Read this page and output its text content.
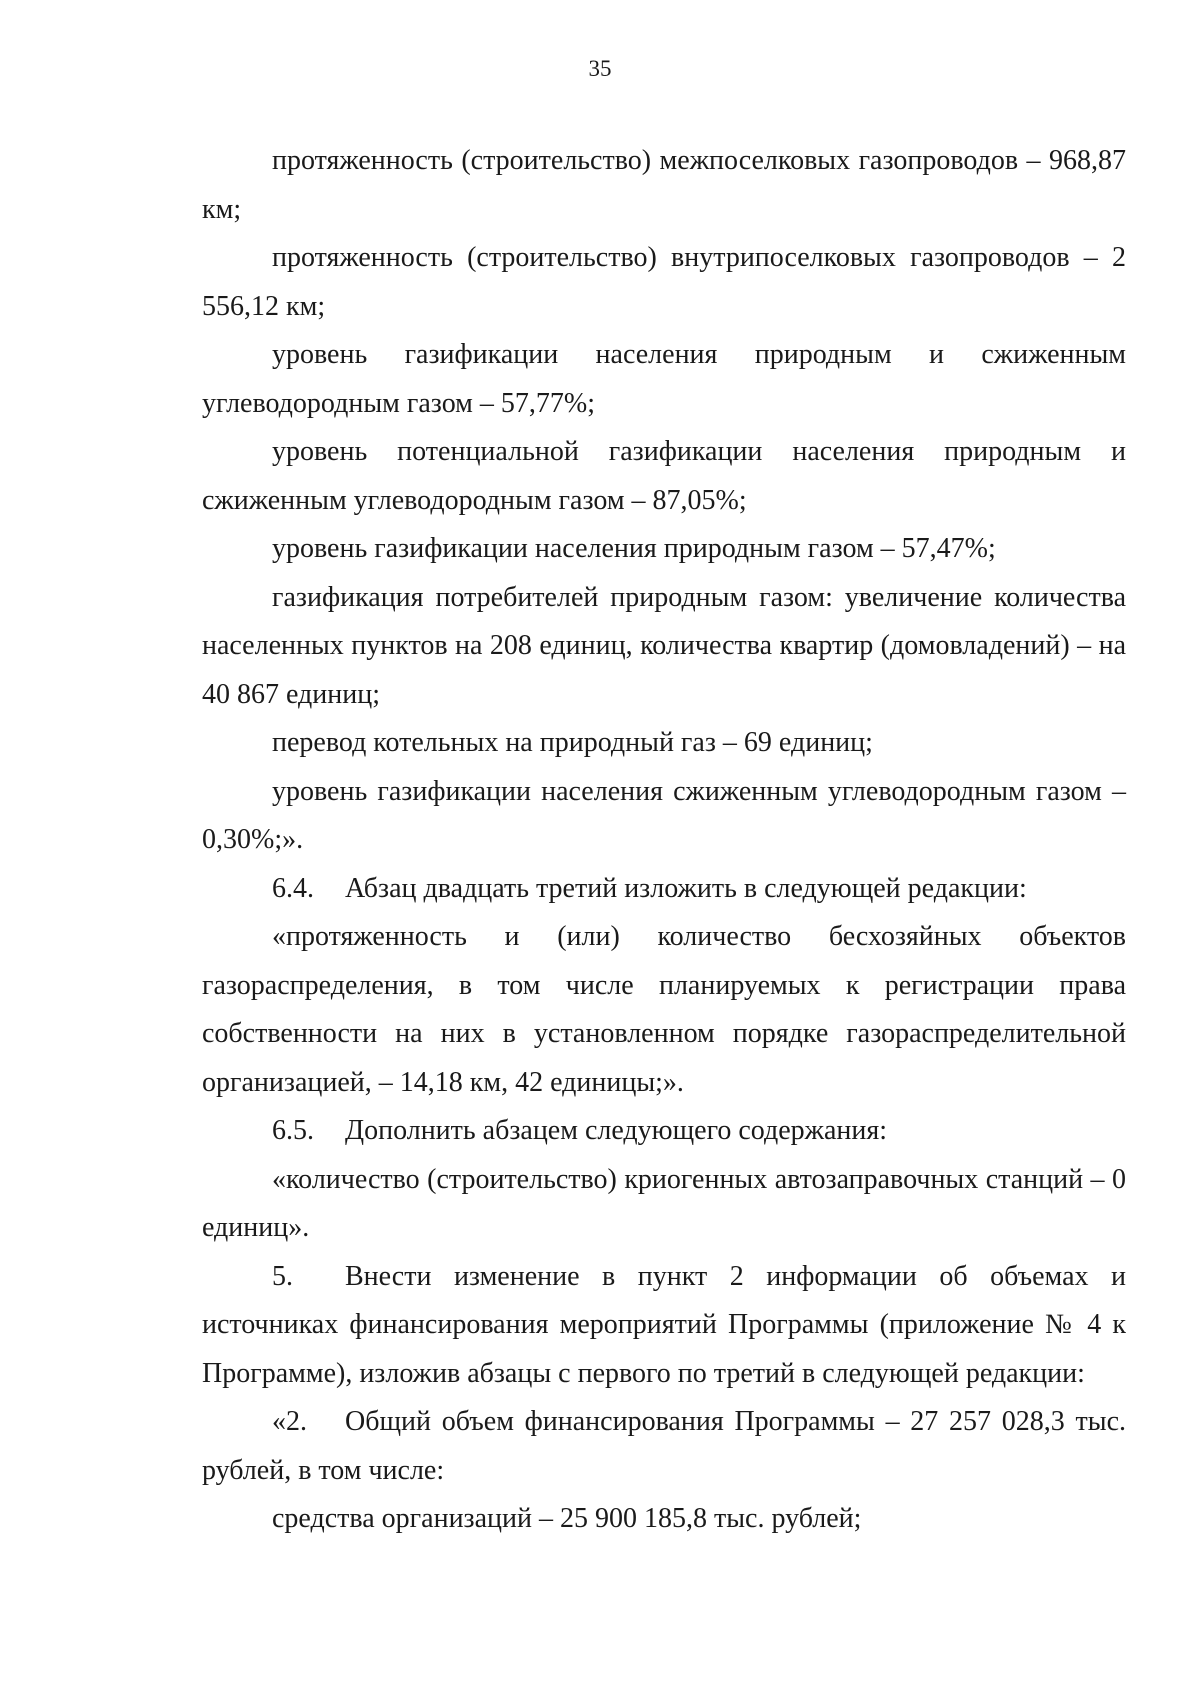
35

протяженность (строительство) межпоселковых газопроводов – 968,87 км;

протяженность (строительство) внутрипоселковых газопроводов – 2 556,12 км;

уровень газификации населения природным и сжиженным углеводородным газом – 57,77%;

уровень потенциальной газификации населения природным и сжиженным углеводородным газом – 87,05%;

уровень газификации населения природным газом – 57,47%;

газификация потребителей природным газом: увеличение количества населенных пунктов на 208 единиц, количества квартир (домовладений) – на 40 867 единиц;

перевод котельных на природный газ – 69 единиц;

уровень газификации населения сжиженным углеводородным газом – 0,30%;».

6.4. Абзац двадцать третий изложить в следующей редакции:

«протяженность и (или) количество бесхозяйных объектов газораспределения, в том числе планируемых к регистрации права собственности на них в установленном порядке газораспределительной организацией, – 14,18 км, 42 единицы;».

6.5. Дополнить абзацем следующего содержания:

«количество (строительство) криогенных автозаправочных станций – 0 единиц».

5. Внести изменение в пункт 2 информации об объемах и источниках финансирования мероприятий Программы (приложение № 4 к Программе), изложив абзацы с первого по третий в следующей редакции:

«2. Общий объем финансирования Программы – 27 257 028,3 тыс. рублей, в том числе:

средства организаций – 25 900 185,8 тыс. рублей;
